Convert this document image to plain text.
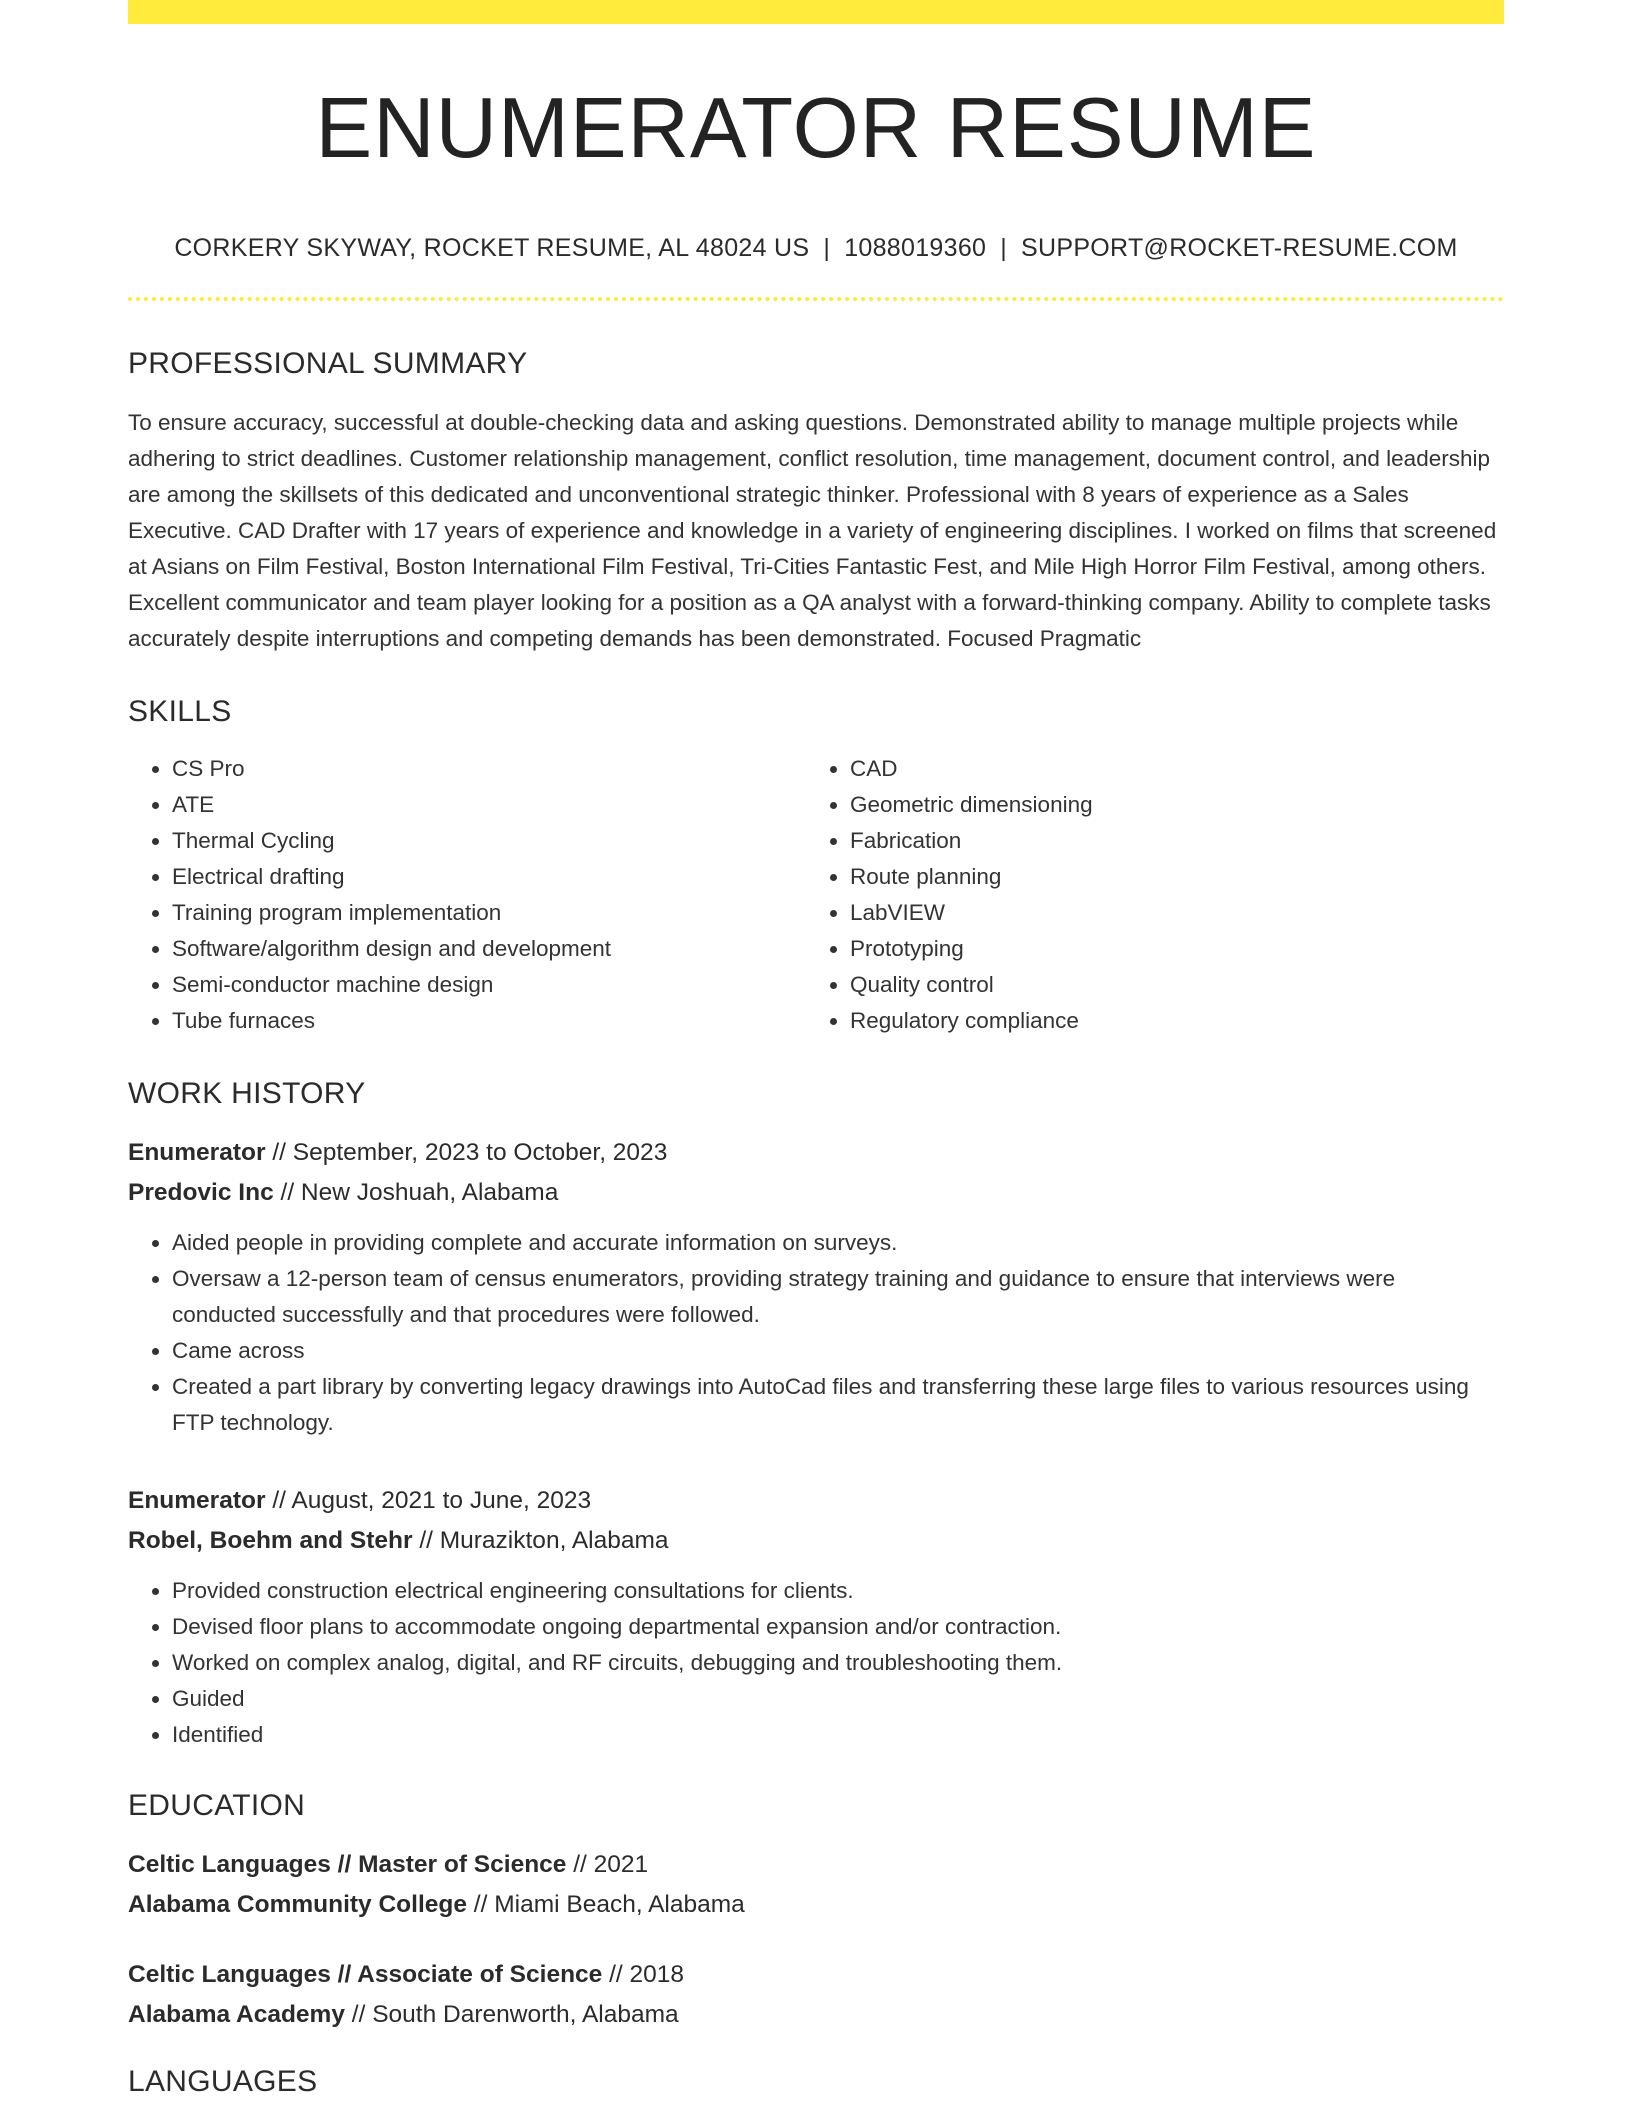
ENUMERATOR RESUME
CORKERY SKYWAY, ROCKET RESUME, AL 48024 US | 1088019360 | SUPPORT@ROCKET-RESUME.COM
PROFESSIONAL SUMMARY

To ensure accuracy, successful at double-checking data and asking questions. Demonstrated ability to manage multiple projects while adhering to strict deadlines. Customer relationship management, conflict resolution, time management, document control, and leadership are among the skillsets of this dedicated and unconventional strategic thinker. Professional with 8 years of experience as a Sales Executive. CAD Drafter with 17 years of experience and knowledge in a variety of engineering disciplines. I worked on films that screened at Asians on Film Festival, Boston International Film Festival, Tri-Cities Fantastic Fest, and Mile High Horror Film Festival, among others. Excellent communicator and team player looking for a position as a QA analyst with a forward-thinking company. Ability to complete tasks accurately despite interruptions and competing demands has been demonstrated. Focused Pragmatic

SKILLS
• CS Pro
• ATE
• Thermal Cycling
• Electrical drafting
• Training program implementation
• Software/algorithm design and development
• Semi-conductor machine design
• Tube furnaces
• CAD
• Geometric dimensioning
• Fabrication
• Route planning
• LabVIEW
• Prototyping
• Quality control
• Regulatory compliance
WORK HISTORY
Enumerator // September, 2023 to October, 2023
Predovic Inc // New Joshuah, Alabama
• Aided people in providing complete and accurate information on surveys.
• Oversaw a 12-person team of census enumerators, providing strategy training and guidance to ensure that interviews were conducted successfully and that procedures were followed.
• Came across
• Created a part library by converting legacy drawings into AutoCad files and transferring these large files to various resources using FTP technology.
Enumerator // August, 2021 to June, 2023
Robel, Boehm and Stehr // Murazikton, Alabama
• Provided construction electrical engineering consultations for clients.
• Devised floor plans to accommodate ongoing departmental expansion and/or contraction.
• Worked on complex analog, digital, and RF circuits, debugging and troubleshooting them.
• Guided
• Identified
EDUCATION
Celtic Languages // Master of Science // 2021
Alabama Community College // Miami Beach, Alabama
Celtic Languages // Associate of Science // 2018
Alabama Academy // South Darenworth, Alabama
LANGUAGES
